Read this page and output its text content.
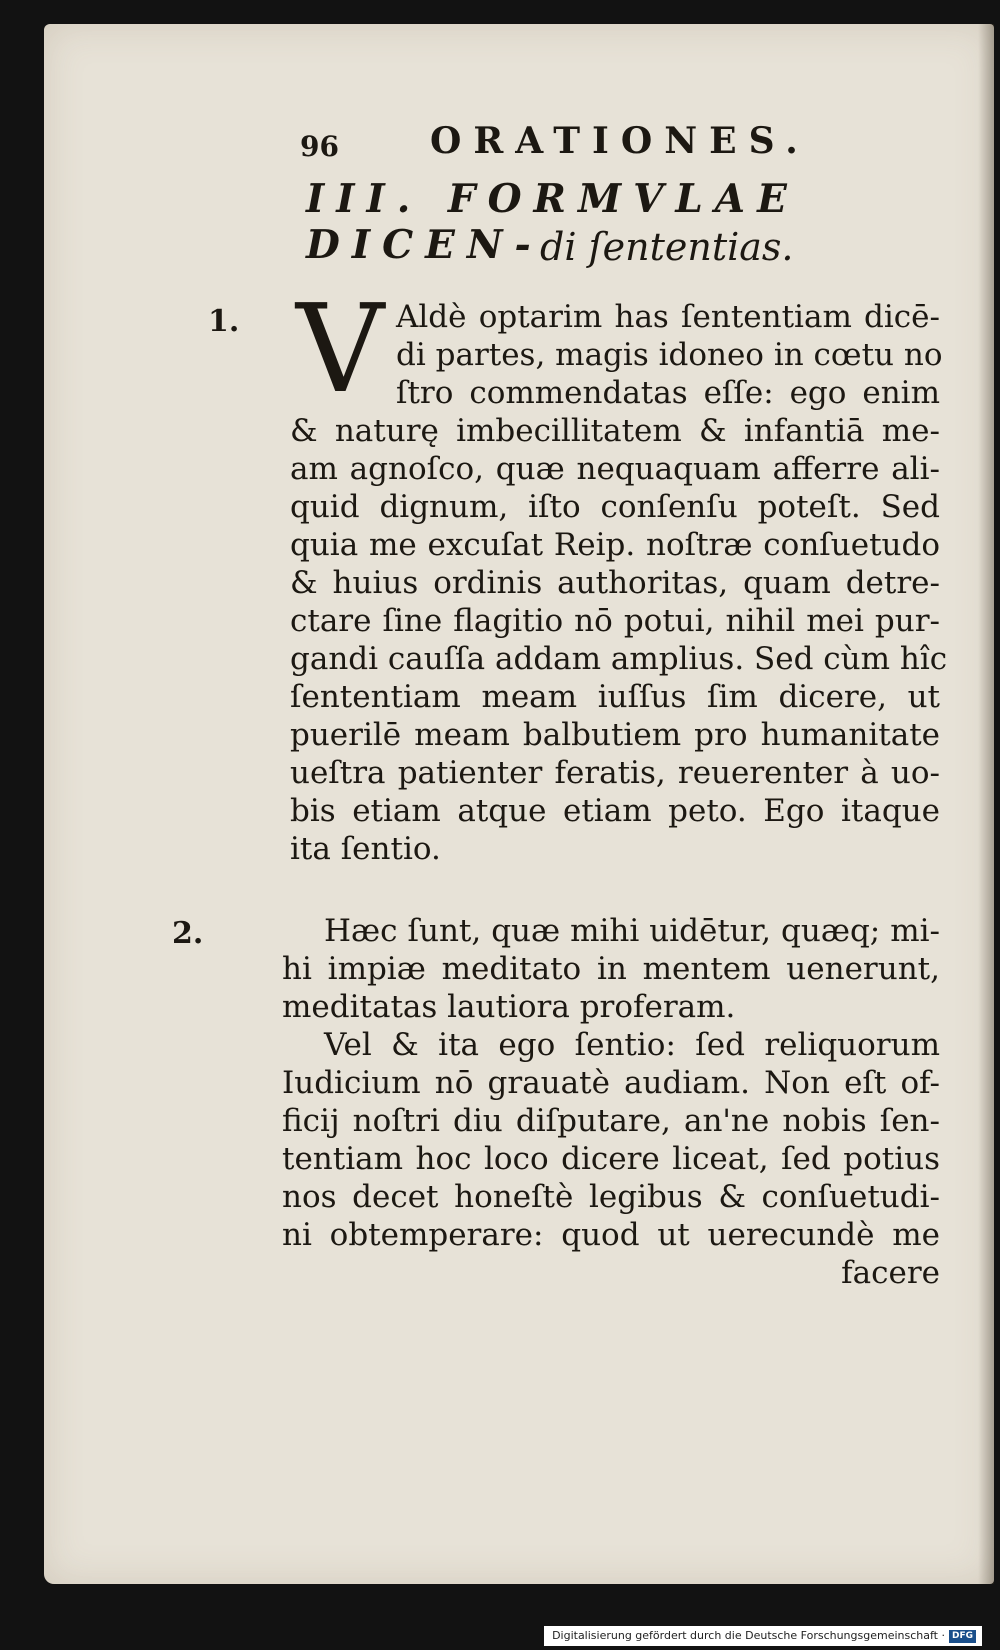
96	ORATIONES.
III. FORMVLAE DICEN-
di ſententias.
1.
2.
V Aldè optarim has ſententiam dicē-
di partes, magis idoneo in cœtu no
ſtro commendatas eſſe: ego enim
& naturę imbecillitatem & infantiā me-
am agnoſco, quæ nequaquam afferre ali-
quid dignum, iſto conſenſu poteſt. Sed
quia me excuſat Reip. noſtræ conſuetudo
& huius ordinis authoritas, quam detre-
ctare ſine flagitio nō potui, nihil mei pur-
gandi cauſſa addam amplius. Sed cùm hîc
ſententiam meam iuſſus ſim dicere, ut
puerilē meam balbutiem pro humanitate
ueſtra patienter feratis, reuerenter à uo-
bis etiam atque etiam peto. Ego itaque
ita ſentio.
Hæc ſunt, quæ mihi uidētur, quæq; mi-
hi impiæ meditato in mentem uenerunt,
meditatas lautiora proferam.
Vel & ita ego ſentio: ſed reliquorum
Iudicium nō grauatè audiam. Non eſt of-
ficij noſtri diu diſputare, an'ne nobis ſen-
tentiam hoc loco dicere liceat, ſed potius
nos decet honeſtè legibus & conſuetudi-
ni obtemperare: quod ut uerecundè me
facere
Digitalisierung gefördert durch die Deutsche Forschungsgemeinschaft · DFG
